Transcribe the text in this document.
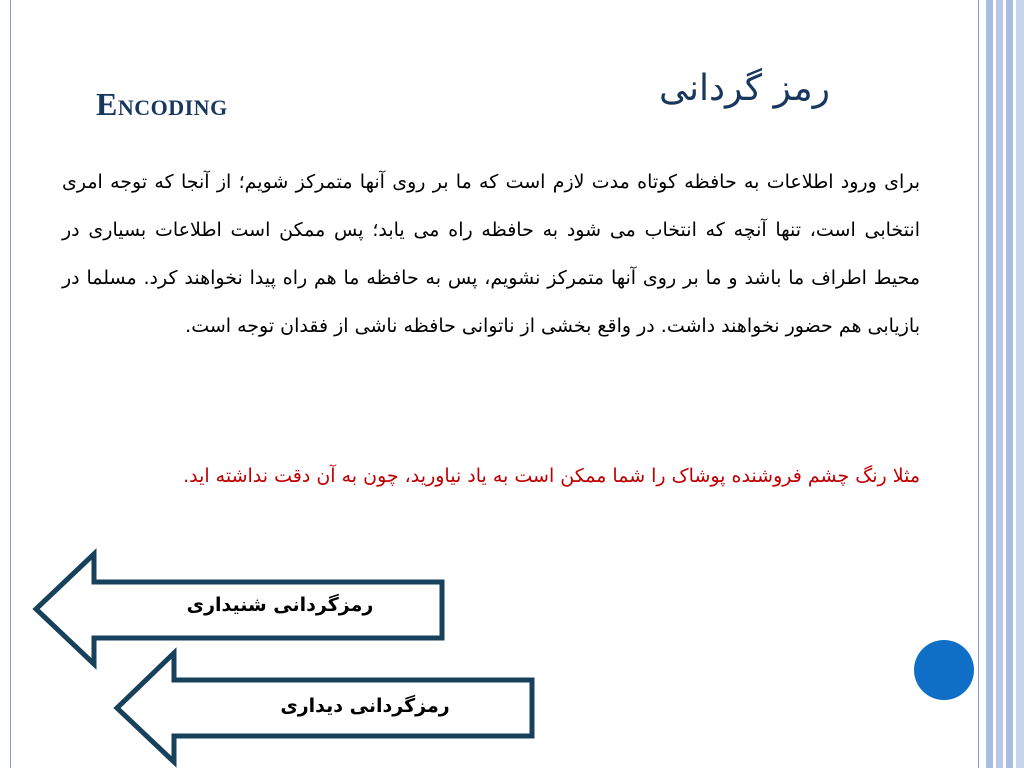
رمز گردانی
Encoding

برای ورود اطلاعات به حافظه کوتاه مدت لازم است که ما بر روی آنها متمرکز شویم؛ از آنجا که توجه امری انتخابی است، تنها آنچه که انتخاب می شود به حافظه راه می یابد؛ پس ممکن است اطلاعات بسیاری در محیط اطراف ما باشد و ما بر روی آنها متمرکز نشویم، پس به حافظه ما هم راه پیدا نخواهند کرد. مسلما در بازیابی هم حضور نخواهند داشت. در واقع بخشی از ناتوانی حافظه ناشی از فقدان توجه است.

مثلا رنگ چشم فروشنده پوشاک را شما ممکن است به یاد نیاورید، چون به آن دقت نداشته اید.

رمزگردانی شنیداری
رمزگردانی دیداری
